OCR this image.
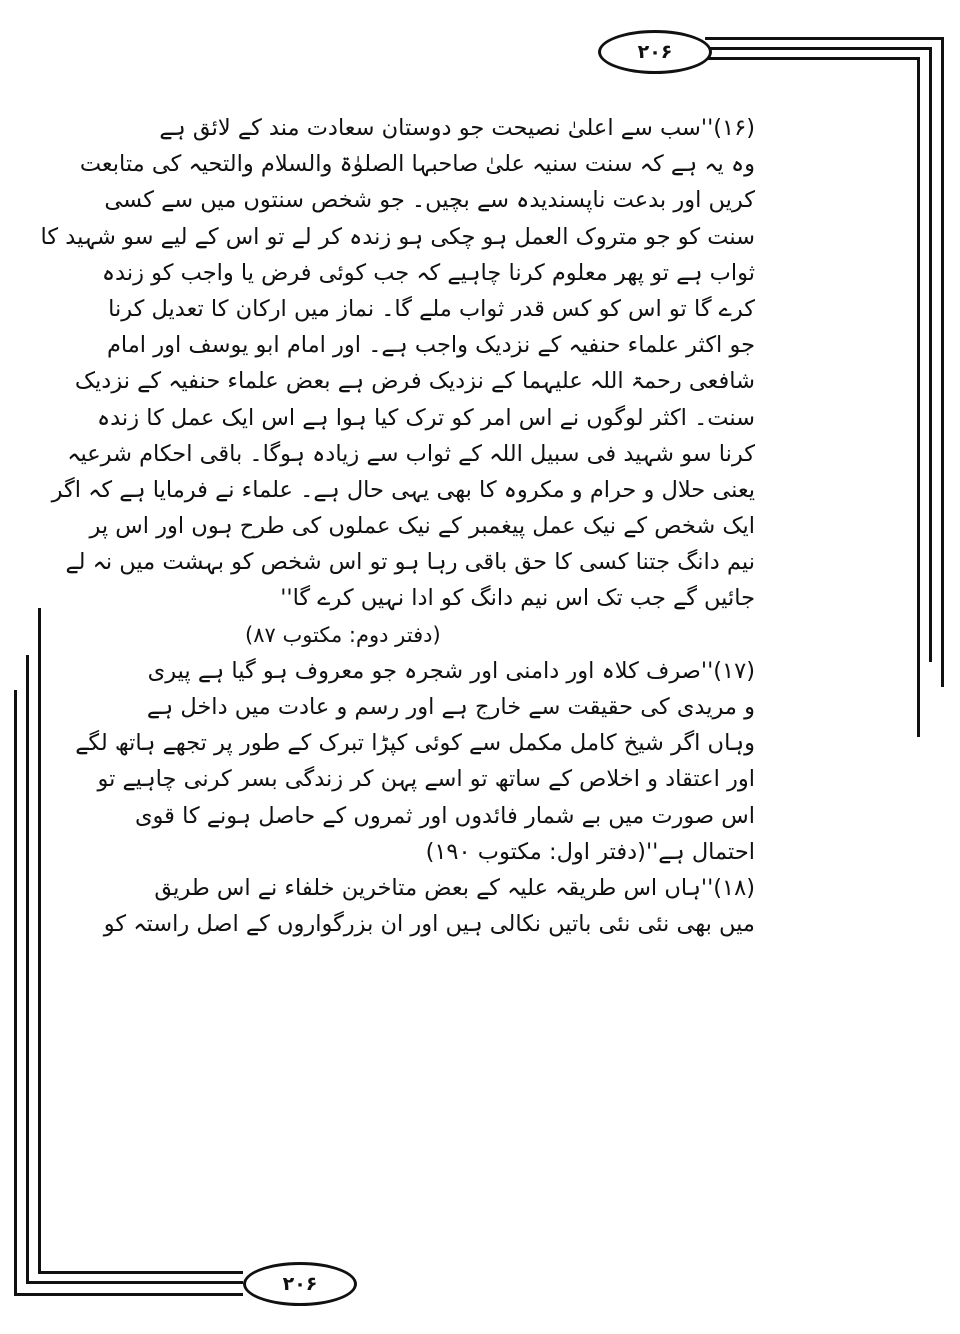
۲۰۶
۲۰۶
(۱۶)''سب سے اعلیٰ نصیحت جو دوستان سعادت مند کے لائق ہے
وہ یہ ہے کہ سنت سنیہ علیٰ صاحبہا الصلوٰۃ والسلام والتحیہ کی متابعت
کریں اور بدعت ناپسندیدہ سے بچیں۔ جو شخص سنتوں میں سے کسی
سنت کو جو متروک العمل ہو چکی ہو زندہ کر لے تو اس کے لیے سو شہید کا
ثواب ہے تو پھر معلوم کرنا چاہیے کہ جب کوئی فرض یا واجب کو زندہ
کرے گا تو اس کو کس قدر ثواب ملے گا۔ نماز میں ارکان کا تعدیل کرنا
جو اکثر علماء حنفیہ کے نزدیک واجب ہے۔ اور امام ابو یوسف اور امام
شافعی رحمۃ اللہ علیہما کے نزدیک فرض ہے بعض علماء حنفیہ کے نزدیک
سنت۔ اکثر لوگوں نے اس امر کو ترک کیا ہوا ہے اس ایک عمل کا زندہ
کرنا سو شہید فی سبیل اللہ کے ثواب سے زیادہ ہوگا۔ باقی احکام شرعیہ
یعنی حلال و حرام و مکروہ کا بھی یہی حال ہے۔ علماء نے فرمایا ہے کہ اگر
ایک شخص کے نیک عمل پیغمبر کے نیک عملوں کی طرح ہوں اور اس پر
نیم دانگ جتنا کسی کا حق باقی رہا ہو تو اس شخص کو بہشت میں نہ لے
جائیں گے جب تک اس نیم دانگ کو ادا نہیں کرے گا''
(دفتر دوم: مکتوب ۸۷)
(۱۷)''صرف کلاہ اور دامنی اور شجرہ جو معروف ہو گیا ہے پیری
و مریدی کی حقیقت سے خارج ہے اور رسم و عادت میں داخل ہے
وہاں اگر شیخ کامل مکمل سے کوئی کپڑا تبرک کے طور پر تجھے ہاتھ لگے
اور اعتقاد و اخلاص کے ساتھ تو اسے پہن کر زندگی بسر کرنی چاہیے تو
اس صورت میں بے شمار فائدوں اور ثمروں کے حاصل ہونے کا قوی
احتمال ہے''(دفتر اول: مکتوب ۱۹۰)
(۱۸)''ہاں اس طریقہ علیہ کے بعض متاخرین خلفاء نے اس طریق
میں بھی نئی نئی باتیں نکالی ہیں اور ان بزرگواروں کے اصل راستہ کو
